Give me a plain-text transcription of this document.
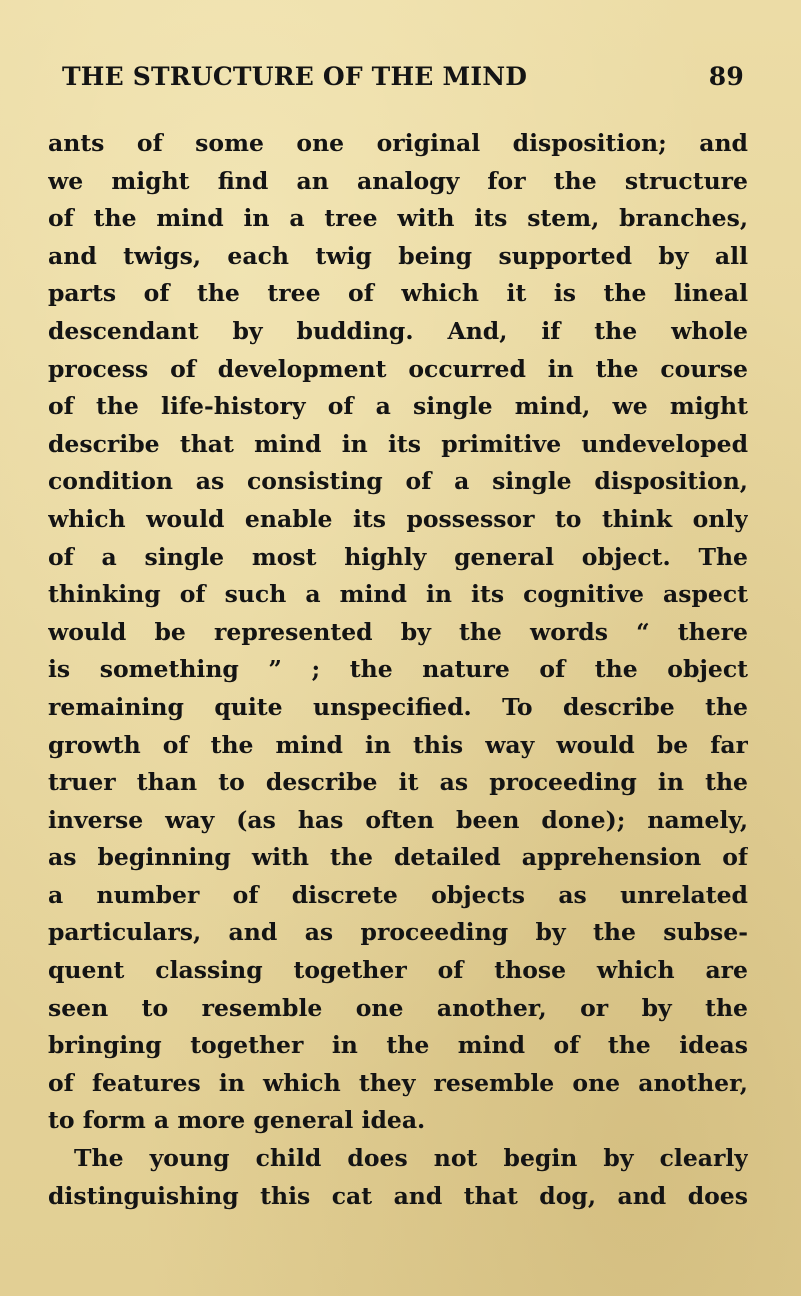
THE STRUCTURE OF THE MIND	89
ants of some one original disposition; and
we might find an analogy for the structure
of the mind in a tree with its stem, branches,
and twigs, each twig being supported by all
parts of the tree of which it is the lineal
descendant by budding. And, if the whole
process of development occurred in the course
of the life-history of a single mind, we might
describe that mind in its primitive undeveloped
condition as consisting of a single disposition,
which would enable its possessor to think only
of a single most highly general object. The
thinking of such a mind in its cognitive aspect
would be represented by the words “ there
is something ” ; the nature of the object
remaining quite unspecified. To describe the
growth of the mind in this way would be far
truer than to describe it as proceeding in the
inverse way (as has often been done); namely,
as beginning with the detailed apprehension of
a number of discrete objects as unrelated
particulars, and as proceeding by the subse-
quent classing together of those which are
seen to resemble one another, or by the
bringing together in the mind of the ideas
of features in which they resemble one another,
to form a more general idea.
The young child does not begin by clearly
distinguishing this cat and that dog, and does
